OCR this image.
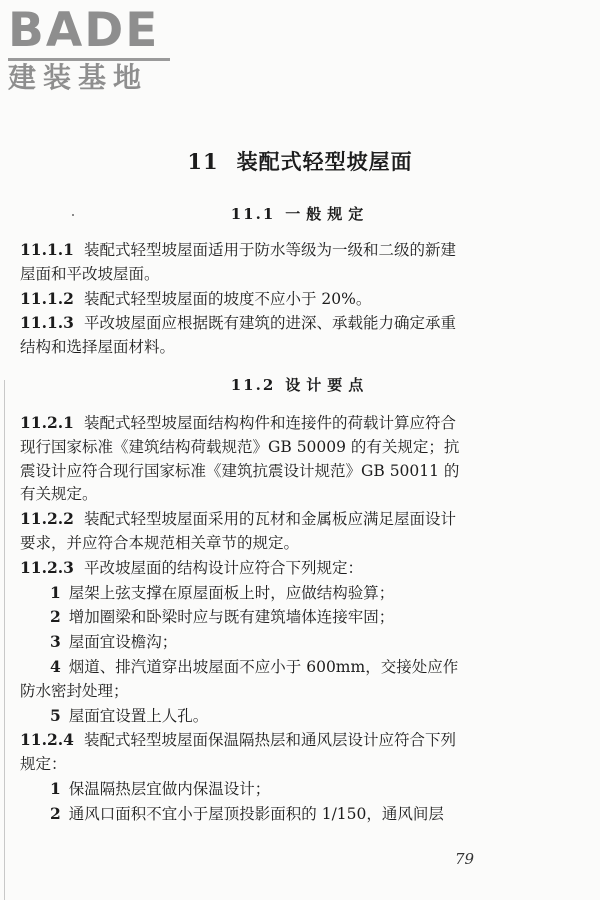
BADE
建装基地
11 装配式轻型坡屋面
11.1 一般规定
11.2 设计要点
11.1.1 装配式轻型坡屋面适用于防水等级为一级和二级的新建
屋面和平改坡屋面。
11.1.2 装配式轻型坡屋面的坡度不应小于 20%。
11.1.3 平改坡屋面应根据既有建筑的进深、承载能力确定承重
结构和选择屋面材料。
11.2.1 装配式轻型坡屋面结构构件和连接件的荷载计算应符合
现行国家标准《建筑结构荷载规范》GB 50009 的有关规定；抗
震设计应符合现行国家标准《建筑抗震设计规范》GB 50011 的
有关规定。
11.2.2 装配式轻型坡屋面采用的瓦材和金属板应满足屋面设计
要求，并应符合本规范相关章节的规定。
11.2.3 平改坡屋面的结构设计应符合下列规定：
1 屋架上弦支撑在原屋面板上时，应做结构验算；
2 增加圈梁和卧梁时应与既有建筑墙体连接牢固；
3 屋面宜设檐沟；
4 烟道、排汽道穿出坡屋面不应小于 600mm，交接处应作
防水密封处理；
5 屋面宜设置上人孔。
11.2.4 装配式轻型坡屋面保温隔热层和通风层设计应符合下列
规定：
1 保温隔热层宜做内保温设计；
2 通风口面积不宜小于屋顶投影面积的 1/150，通风间层
79
